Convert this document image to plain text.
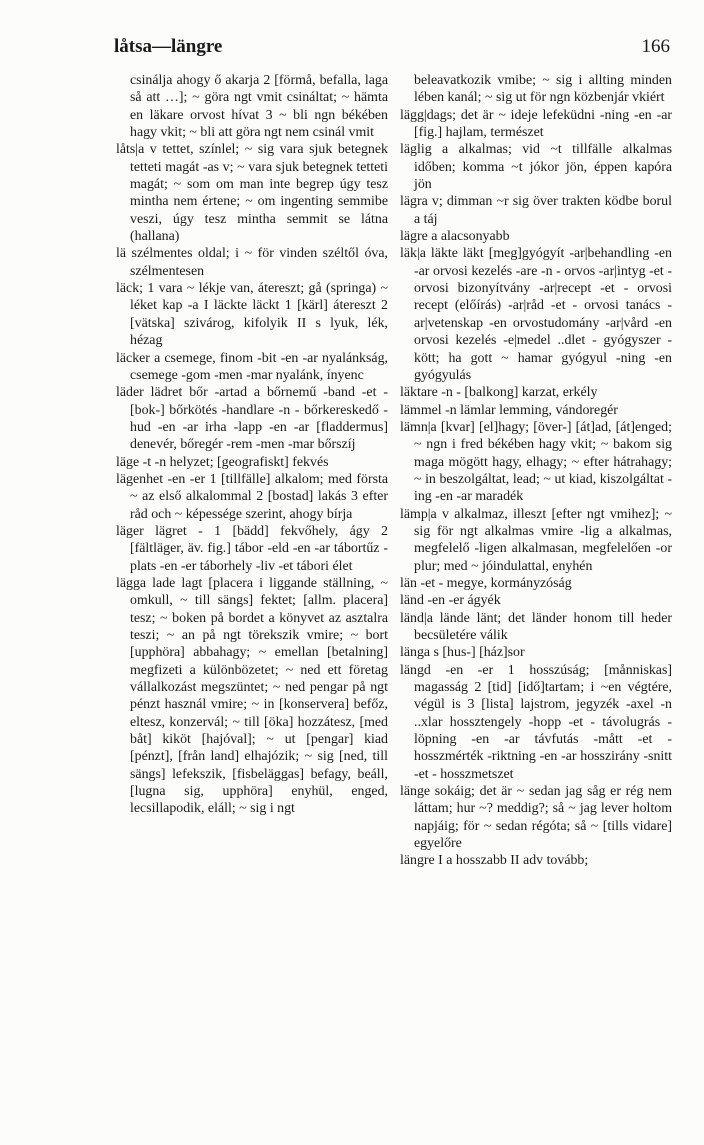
låtsa—längre	166

csinálja ahogy ő akarja 2 [förmå, befalla, laga så att …]; ~ göra ngt vmit csináltat; ~ hämta en läkare orvost hívat 3 ~ bli ngn békében hagy vkit; ~ bli att göra ngt nem csinál vmit

låts|a v tettet, színlel; ~ sig vara sjuk betegnek tetteti magát -as v; ~ vara sjuk betegnek tetteti magát; ~ som om man inte begrep úgy tesz mintha nem értene; ~ om ingenting semmibe veszi, úgy tesz mintha semmit se látna (hallana)

lä szélmentes oldal; i ~ för vinden széltől óva, szélmentesen

läck; 1 vara ~ lékje van, átereszt; gå (springa) ~ léket kap -a I läckte läckt 1 [kärl] átereszt 2 [vätska] szivárog, kifolyik II s lyuk, lék, hézag

läcker a csemege, finom -bit -en -ar nyalánkság, csemege -gom -men -mar nyalánk, ínyenc

läder lädret bőr -artad a bőrnemű -band -et - [bok-] bőrkötés -handlare -n - bőrkereskedő -hud -en -ar irha -lapp -en -ar [fladdermus] denevér, bőregér -rem -men -mar bőrszíj

läge -t -n helyzet; [geografiskt] fekvés

lägenhet -en -er 1 [tillfälle] alkalom; med första ~ az első alkalommal 2 [bostad] lakás 3 efter råd och ~ képessége szerint, ahogy bírja

läger lägret - 1 [bädd] fekvőhely, ágy 2 [fältläger, äv. fig.] tábor -eld -en -ar tábortűz -plats -en -er táborhely -liv -et tábori élet

lägga lade lagt [placera i liggande ställning, ~ omkull, ~ till sängs] fektet; [allm. placera] tesz; ~ boken på bordet a könyvet az asztalra teszi; ~ an på ngt törekszik vmire; ~ bort [upphöra] abbahagy; ~ emellan [betalning] megfizeti a különbözetet; ~ ned ett företag vállalkozást megszüntet; ~ ned pengar på ngt pénzt használ vmire; ~ in [konservera] befőz, eltesz, konzervál; ~ till [öka] hozzátesz, [med båt] kiköt [hajóval]; ~ ut [pengar] kiad [pénzt], [från land] elhajózik; ~ sig [ned, till sängs] lefekszik, [fisbeläggas] befagy, beáll, [lugna sig, upphöra] enyhül, enged, lecsillapodik, eláll; ~ sig i ngt

beleavatkozik vmibe; ~ sig i allting minden lében kanál; ~ sig ut för ngn közbenjár vkiért

lägg|dags; det är ~ ideje lefeküdni -ning -en -ar [fig.] hajlam, természet

läglig a alkalmas; vid ~t tillfälle alkalmas időben; komma ~t jókor jön, éppen kapóra jön

lägra v; dimman ~r sig över trakten ködbe borul a táj

lägre a alacsonyabb

läk|a läkte läkt [meg]gyógyít -ar|behandling -en -ar orvosi kezelés -are -n - orvos -ar|intyg -et - orvosi bizonyítvány -ar|recept -et - orvosi recept (előírás) -ar|råd -et - orvosi tanács -ar|vetenskap -en orvostudomány -ar|vård -en orvosi kezelés -e|medel ..dlet - gyógyszer -kött; ha gott ~ hamar gyógyul -ning -en gyógyulás

läktare -n - [balkong] karzat, erkély

lämmel -n lämlar lemming, vándoregér

lämn|a [kvar] [el]hagy; [över-] [át]ad, [át]enged; ~ ngn i fred békében hagy vkit; ~ bakom sig maga mögött hagy, elhagy; ~ efter hátrahagy; ~ in beszolgáltat, lead; ~ ut kiad, kiszolgáltat -ing -en -ar maradék

lämp|a v alkalmaz, illeszt [efter ngt vmihez]; ~ sig för ngt alkalmas vmire -lig a alkalmas, megfelelő -ligen alkalmasan, megfelelően -or plur; med ~ jóindulattal, enyhén

län -et - megye, kormányzóság

länd -en -er ágyék

länd|a lände länt; det länder honom till heder becsületére válik

länga s [hus-] [ház]sor

längd -en -er 1 hosszúság; [månniskas] magasság 2 [tid] [idő]tartam; i ~en végtére, végül is 3 [lista] lajstrom, jegyzék -axel -n ..xlar hossztengely -hopp -et - távolugrás -löpning -en -ar távfutás -mått -et - hosszmérték -riktning -en -ar hosszirány -snitt -et - hosszmetszet

länge sokáig; det är ~ sedan jag såg er rég nem láttam; hur ~? meddig?; så ~ jag lever holtom napjáig; för ~ sedan régóta; så ~ [tills vidare] egyelőre

längre I a hosszabb II adv tovább;
